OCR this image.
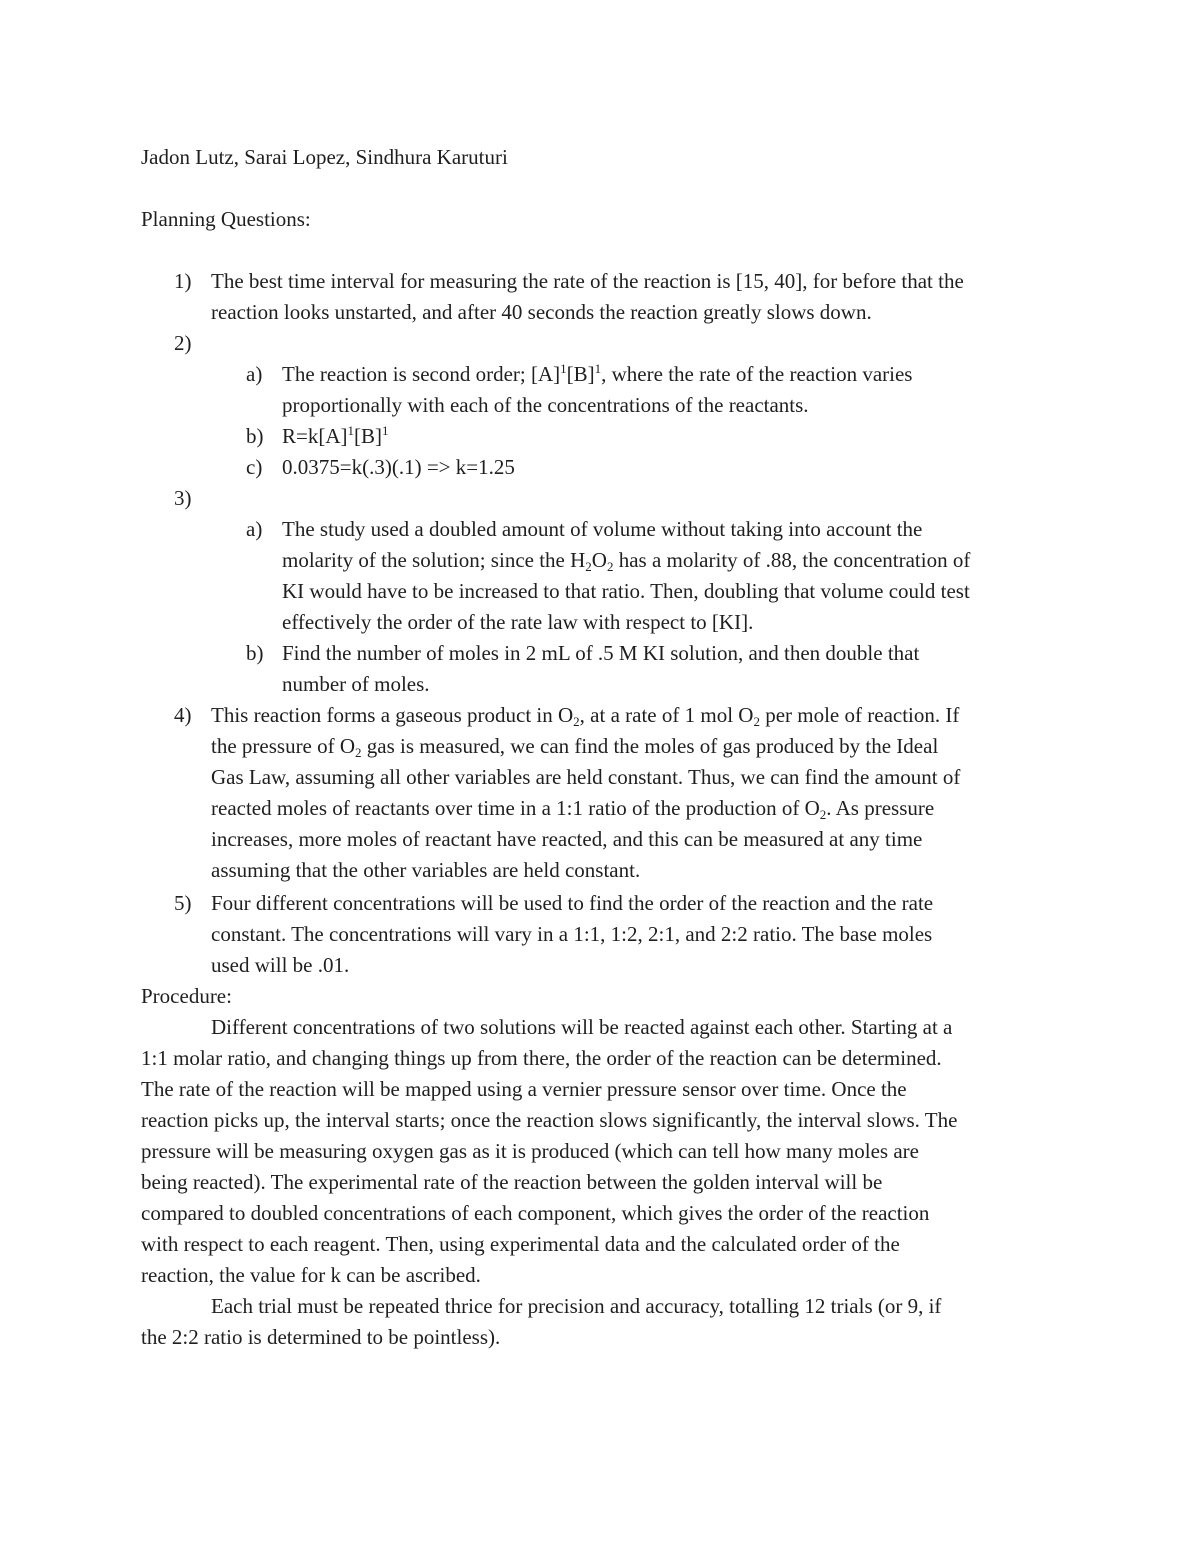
Jadon Lutz, Sarai Lopez, Sindhura Karuturi
Planning Questions:
1) The best time interval for measuring the rate of the reaction is [15, 40], for before that the
reaction looks unstarted, and after 40 seconds the reaction greatly slows down.
2)
a) The reaction is second order; $[A]^1[B]^1$, where the rate of the reaction varies
proportionally with each of the concentrations of the reactants.
b) $R=k[A]^1[B]^1$
c) 0.0375=k(.3)(.1) => k=1.25
3)
a) The study used a doubled amount of volume without taking into account the
molarity of the solution; since the $H_2O_2$ has a molarity of .88, the concentration of
KI would have to be increased to that ratio. Then, doubling that volume could test
effectively the order of the rate law with respect to [KI].
b) Find the number of moles in 2 mL of .5 M KI solution, and then double that
number of moles.
4) This reaction forms a gaseous product in $O_2$, at a rate of 1 mol $O_2$ per mole of reaction. If
the pressure of $O_2$ gas is measured, we can find the moles of gas produced by the Ideal
Gas Law, assuming all other variables are held constant. Thus, we can find the amount of
reacted moles of reactants over time in a 1:1 ratio of the production of $O_2$. As pressure
increases, more moles of reactant have reacted, and this can be measured at any time
assuming that the other variables are held constant.
5) Four different concentrations will be used to find the order of the reaction and the rate
constant. The concentrations will vary in a 1:1, 1:2, 2:1, and 2:2 ratio. The base moles
used will be .01.
Procedure:
Different concentrations of two solutions will be reacted against each other. Starting at a
1:1 molar ratio, and changing things up from there, the order of the reaction can be determined.
The rate of the reaction will be mapped using a vernier pressure sensor over time. Once the
reaction picks up, the interval starts; once the reaction slows significantly, the interval slows. The
pressure will be measuring oxygen gas as it is produced (which can tell how many moles are
being reacted). The experimental rate of the reaction between the golden interval will be
compared to doubled concentrations of each component, which gives the order of the reaction
with respect to each reagent. Then, using experimental data and the calculated order of the
reaction, the value for k can be ascribed.
Each trial must be repeated thrice for precision and accuracy, totalling 12 trials (or 9, if
the 2:2 ratio is determined to be pointless).
